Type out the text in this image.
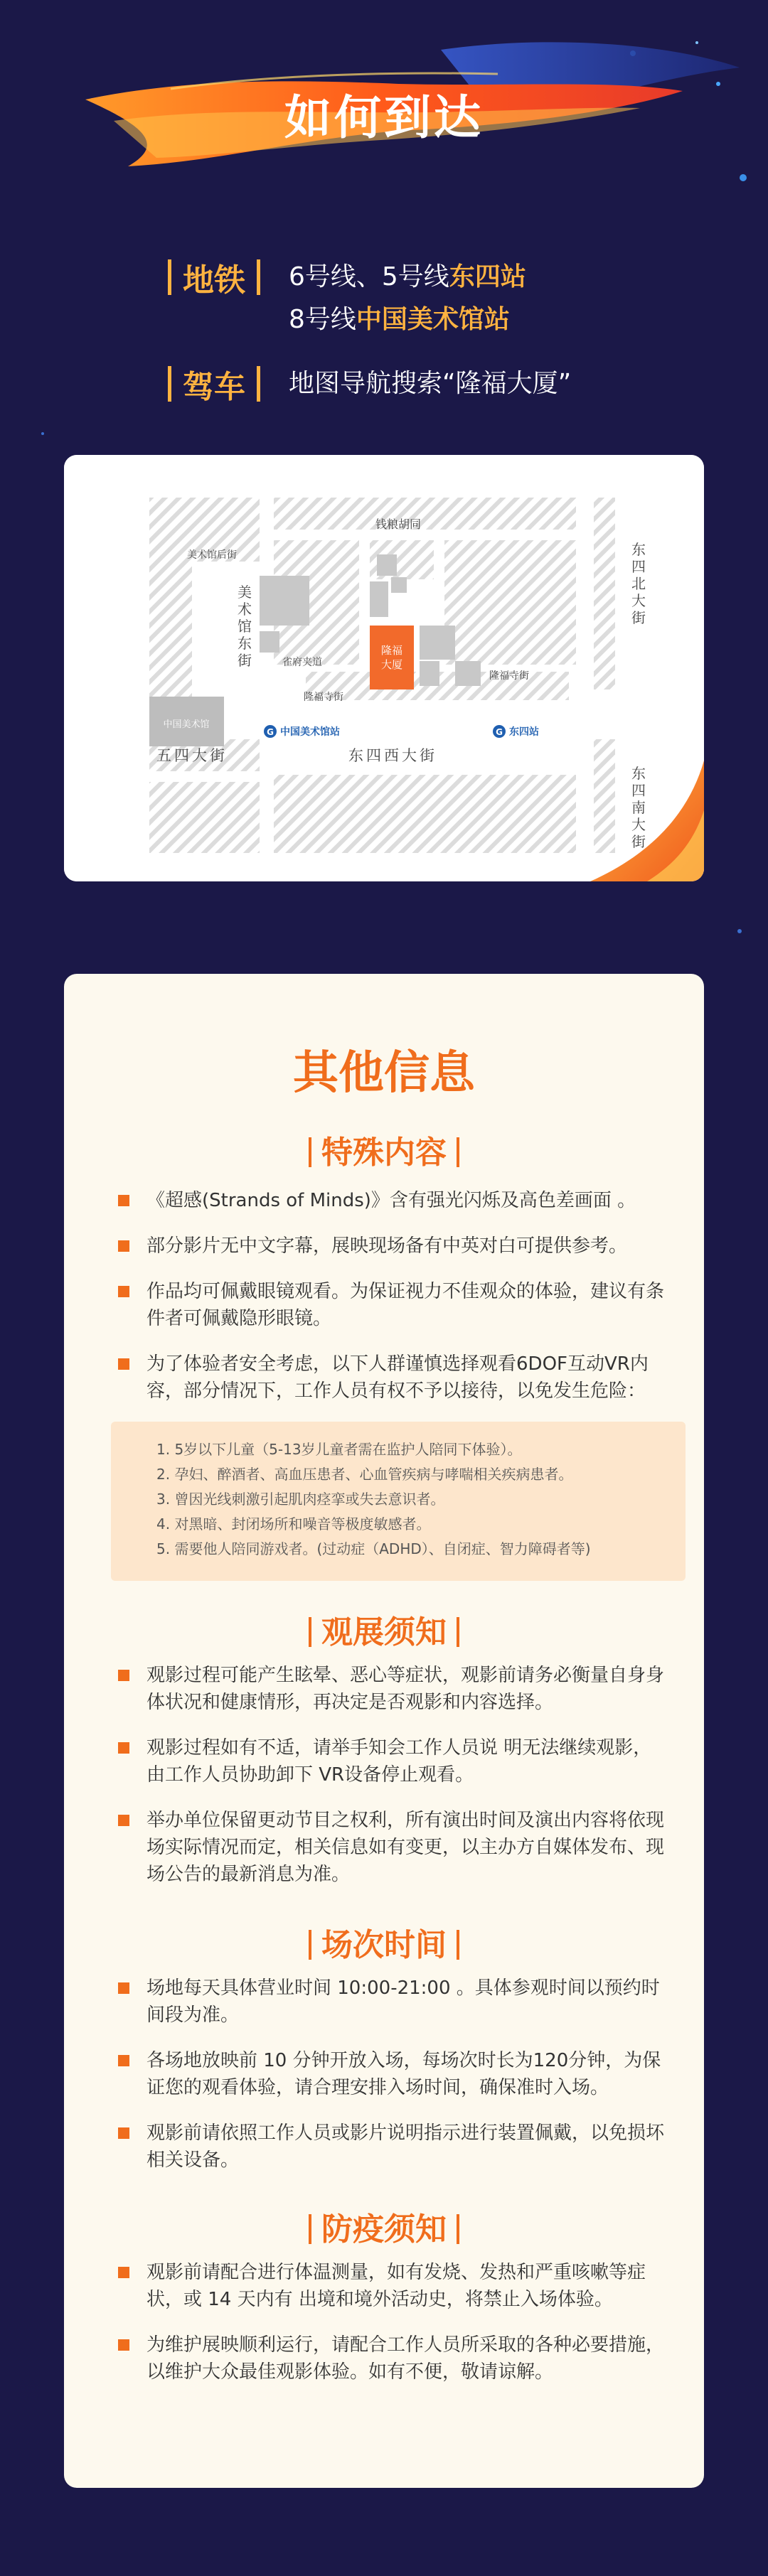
如何到达
地铁 6号线、5号线东四站
8号线中国美术馆站
驾车 地图导航搜索“隆福大厦”
隆福
大厦
钱粮胡同
美术馆后街
美
术
馆
东
街
东
四
北
大
街
雀府夹道
隆福寺街
隆福寺街
中国美术馆
G 中国美术馆站	G 东四站
五四大街	东四西大街
东
四
南
大
街
其他信息
特殊内容
《超感(Strands of Minds)》含有强光闪烁及高色差画面 。
部分影片无中文字幕，展映现场备有中英对白可提供参考。
作品均可佩戴眼镜观看。为保证视力不佳观众的体验，建议有条件者可佩戴隐形眼镜。
为了体验者安全考虑，以下人群谨慎选择观看6DOF互动VR内容，部分情况下，工作人员有权不予以接待，以免发生危险：
1. 5岁以下儿童（5-13岁儿童者需在监护人陪同下体验）。
2. 孕妇、醉酒者、高血压患者、心血管疾病与哮喘相关疾病患者。
3. 曾因光线刺激引起肌肉痉挛或失去意识者。
4. 对黑暗、封闭场所和噪音等极度敏感者。
5. 需要他人陪同游戏者。(过动症（ADHD）、自闭症、智力障碍者等)
观展须知
观影过程可能产生眩晕、恶心等症状，观影前请务必衡量自身身体状况和健康情形，再决定是否观影和内容选择。
观影过程如有不适，请举手知会工作人员说 明无法继续观影，由工作人员协助卸下 VR设备停止观看。
举办单位保留更动节目之权利，所有演出时间及演出内容将依现场实际情况而定，相关信息如有变更，以主办方自媒体发布、现场公告的最新消息为准。
场次时间
场地每天具体营业时间 10:00-21:00 。具体参观时间以预约时间段为准。
各场地放映前 10 分钟开放入场，每场次时长为120分钟，为保证您的观看体验，请合理安排入场时间，确保准时入场。
观影前请依照工作人员或影片说明指示进行装置佩戴，以免损坏相关设备。
防疫须知
观影前请配合进行体温测量，如有发烧、发热和严重咳嗽等症状，或 14 天内有 出境和境外活动史，将禁止入场体验。
为维护展映顺利运行，请配合工作人员所采取的各种必要措施，以维护大众最佳观影体验。如有不便，敬请谅解。
